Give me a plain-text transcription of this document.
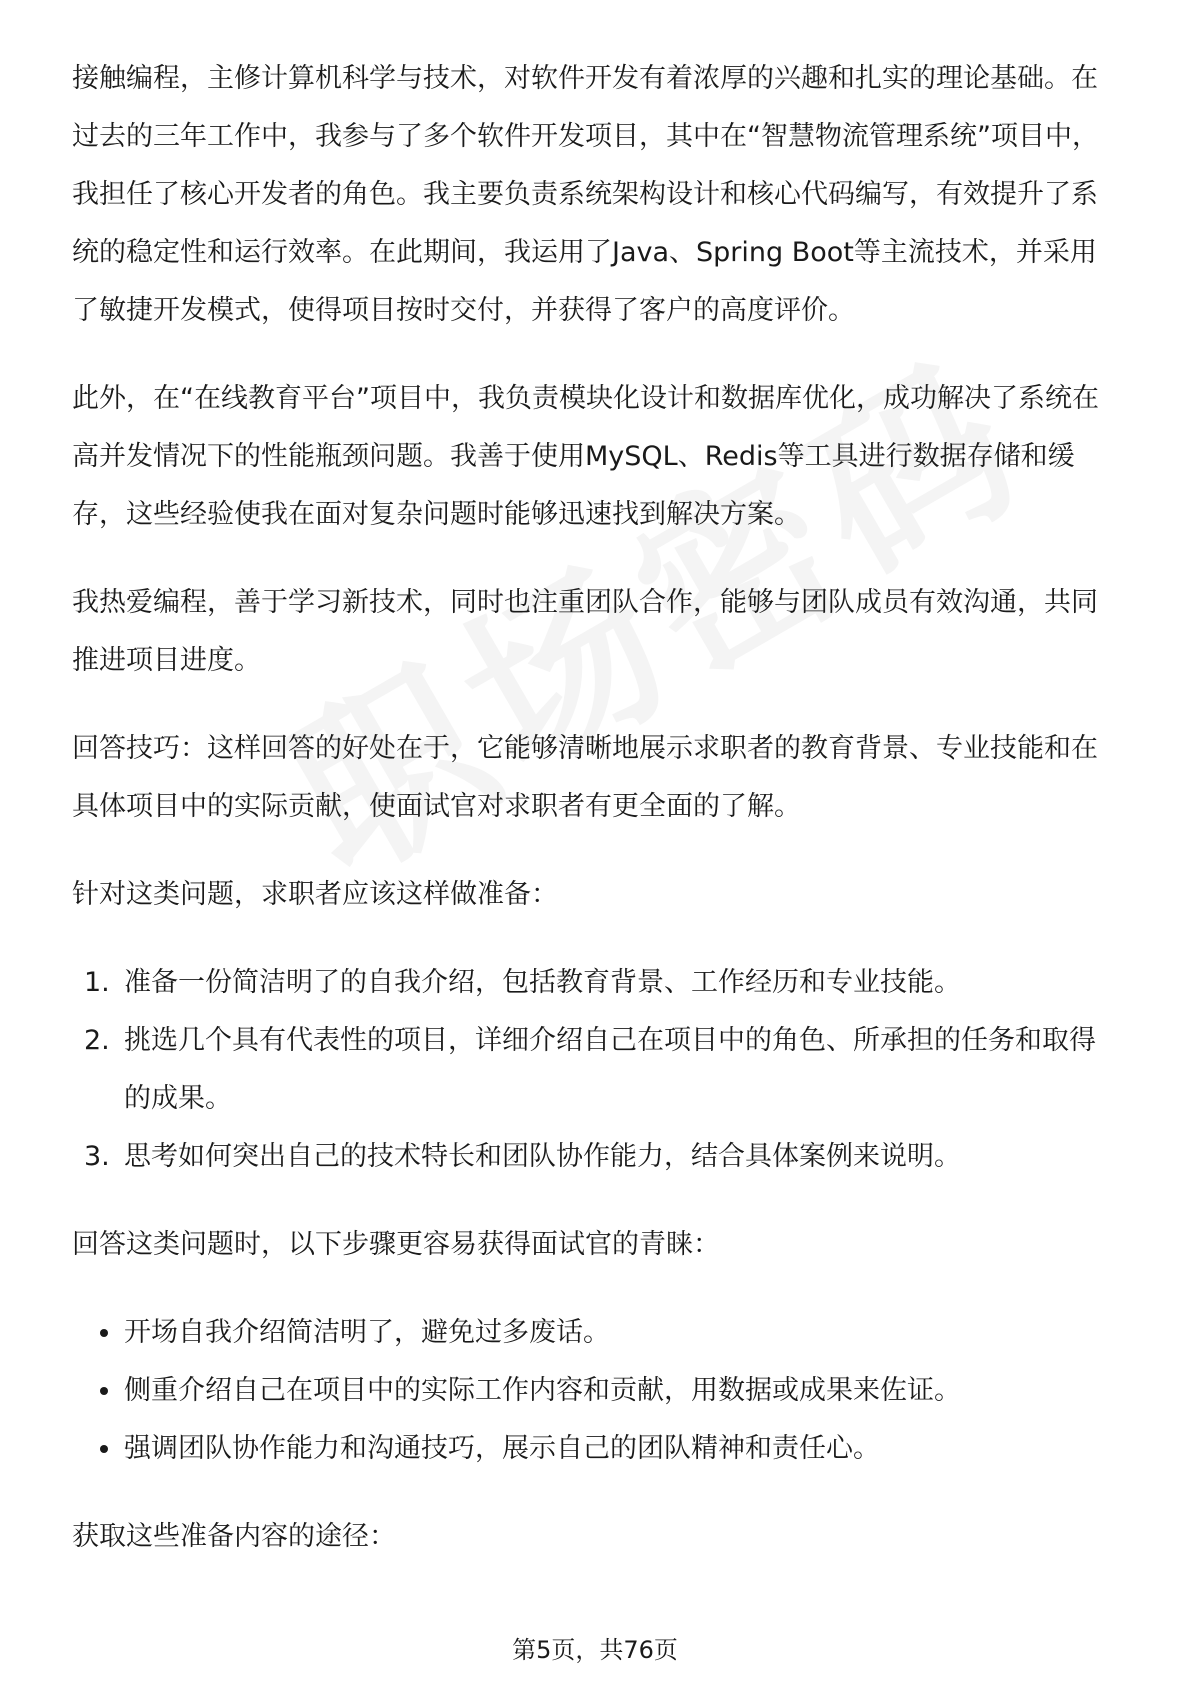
接触编程，主修计算机科学与技术，对软件开发有着浓厚的兴趣和扎实的理论基础。在过去的三年工作中，我参与了多个软件开发项目，其中在“智慧物流管理系统”项目中，我担任了核心开发者的角色。我主要负责系统架构设计和核心代码编写，有效提升了系统的稳定性和运行效率。在此期间，我运用了Java、Spring Boot等主流技术，并采用了敏捷开发模式，使得项目按时交付，并获得了客户的高度评价。

此外，在“在线教育平台”项目中，我负责模块化设计和数据库优化，成功解决了系统在高并发情况下的性能瓶颈问题。我善于使用MySQL、Redis等工具进行数据存储和缓存，这些经验使我在面对复杂问题时能够迅速找到解决方案。

我热爱编程，善于学习新技术，同时也注重团队合作，能够与团队成员有效沟通，共同推进项目进度。

回答技巧：这样回答的好处在于，它能够清晰地展示求职者的教育背景、专业技能和在具体项目中的实际贡献，使面试官对求职者有更全面的了解。

针对这类问题，求职者应该这样做准备：

1. 准备一份简洁明了的自我介绍，包括教育背景、工作经历和专业技能。
2. 挑选几个具有代表性的项目，详细介绍自己在项目中的角色、所承担的任务和取得的成果。
3. 思考如何突出自己的技术特长和团队协作能力，结合具体案例来说明。

回答这类问题时，以下步骤更容易获得面试官的青睐：

开场自我介绍简洁明了，避免过多废话。
侧重介绍自己在项目中的实际工作内容和贡献，用数据或成果来佐证。
强调团队协作能力和沟通技巧，展示自己的团队精神和责任心。

获取这些准备内容的途径：

第5页，共76页
